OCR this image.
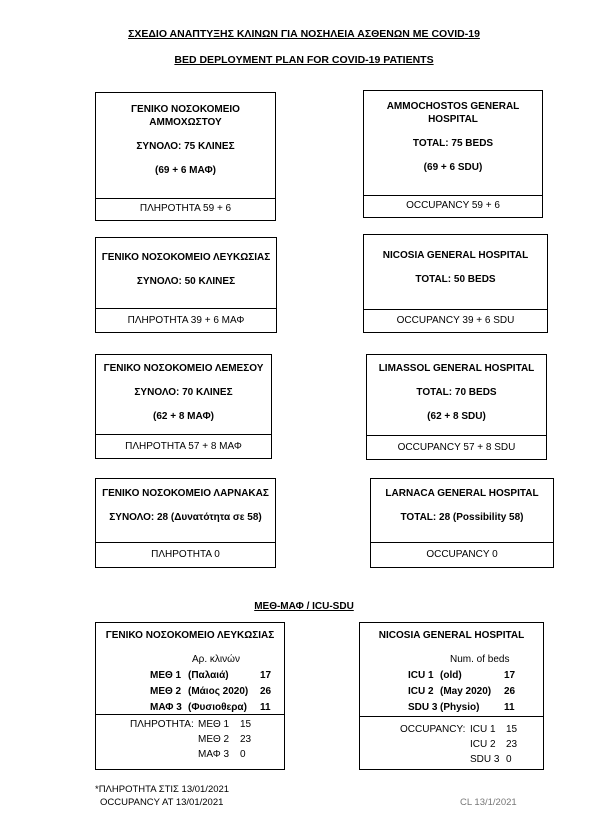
ΣΧΕΔΙΟ ΑΝΑΠΤΥΞΗΣ ΚΛΙΝΩΝ ΓΙΑ ΝΟΣΗΛΕΙΑ ΑΣΘΕΝΩΝ ΜΕ COVID-19
BED DEPLOYMENT PLAN FOR COVID-19 PATIENTS
ΓΕΝΙΚΟ ΝΟΣΟΚΟΜΕΙΟ
ΑΜΜΟΧΩΣΤΟΥ
ΣΥΝΟΛΟ: 75 ΚΛΙΝΕΣ
(69 + 6 ΜΑΦ)
ΠΛΗΡΟΤΗΤΑ 59 + 6
AMMOCHOSTOS GENERAL
HOSPITAL
TOTAL: 75 BEDS
(69 + 6 SDU)
OCCUPANCY 59 + 6
ΓΕΝΙΚΟ ΝΟΣΟΚΟΜΕΙΟ ΛΕΥΚΩΣΙΑΣ
ΣΥΝΟΛΟ: 50 ΚΛΙΝΕΣ
ΠΛΗΡΟΤΗΤΑ 39 + 6 ΜΑΦ
NICOSIA GENERAL HOSPITAL
TOTAL: 50 BEDS
OCCUPANCY 39 + 6 SDU
ΓΕΝΙΚΟ ΝΟΣΟΚΟΜΕΙΟ ΛΕΜΕΣΟΥ
ΣΥΝΟΛΟ: 70 ΚΛΙΝΕΣ
(62 + 8 ΜΑΦ)
ΠΛΗΡΟΤΗΤΑ 57 + 8 ΜΑΦ
LIMASSOL GENERAL HOSPITAL
TOTAL: 70 BEDS
(62 + 8 SDU)
OCCUPANCY 57 + 8 SDU
ΓΕΝΙΚΟ ΝΟΣΟΚΟΜΕΙΟ ΛΑΡΝΑΚΑΣ
ΣΥΝΟΛΟ: 28 (Δυνατότητα σε 58)
ΠΛΗΡΟΤΗΤΑ 0
LARNACA GENERAL HOSPITAL
TOTAL: 28 (Possibility 58)
OCCUPANCY 0
ΜΕΘ-ΜΑΦ / ICU-SDU
ΓΕΝΙΚΟ ΝΟΣΟΚΟΜΕΙΟ ΛΕΥΚΩΣΙΑΣ
Αρ. κλινών
ΜΕΘ 1 (Παλαιά)	17
ΜΕΘ 2 (Μάιος 2020)	26
ΜΑΦ 3 (Φυσιοθερα)	11
ΠΛΗΡΟΤΗΤΑ: ΜΕΘ 1	15
ΜΕΘ 2	23
ΜΑΦ 3	0
NICOSIA GENERAL HOSPITAL
Num. of beds
ICU 1 (old)	17
ICU 2 (May 2020)	26
SDU 3 (Physio)	11
OCCUPANCY: ICU 1	15
ICU 2	23
SDU 3 0
*ΠΛΗΡΟΤΗΤΑ ΣΤΙΣ 13/01/2021
OCCUPANCY AT 13/01/2021	CL 13/1/2021
